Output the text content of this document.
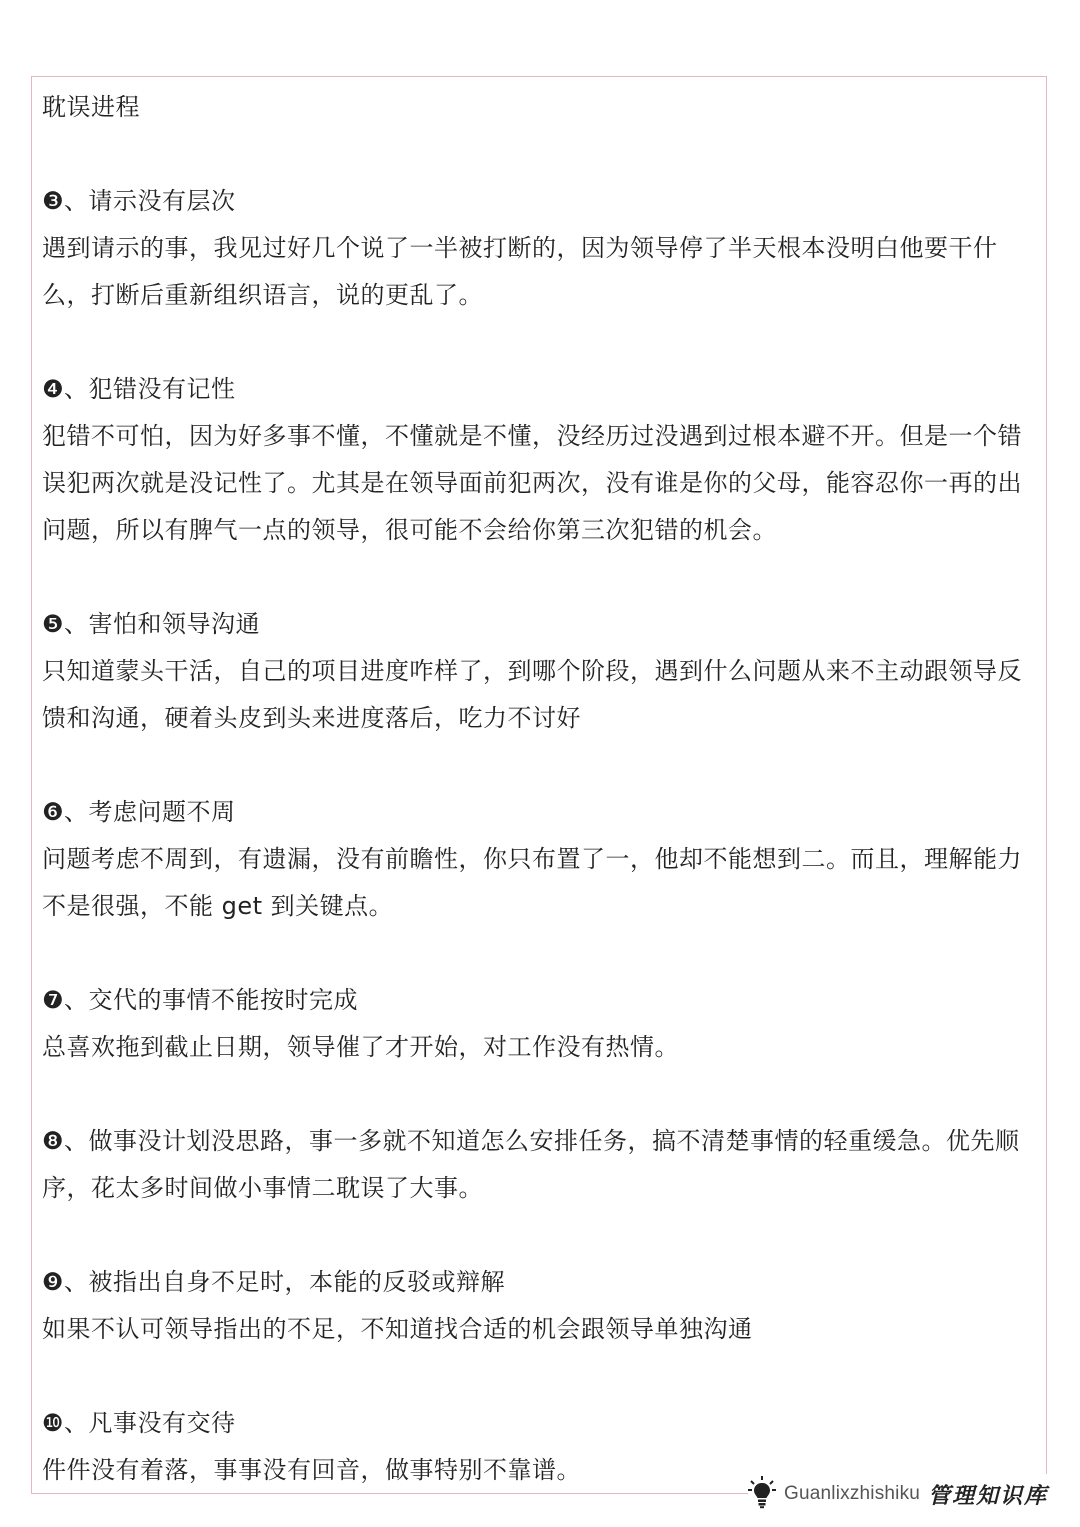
耽误进程
❸、请示没有层次
遇到请示的事，我见过好几个说了一半被打断的，因为领导停了半天根本没明白他要干什么，打断后重新组织语言，说的更乱了。
❹、犯错没有记性
犯错不可怕，因为好多事不懂，不懂就是不懂，没经历过没遇到过根本避不开。但是一个错误犯两次就是没记性了。尤其是在领导面前犯两次，没有谁是你的父母，能容忍你一再的出问题，所以有脾气一点的领导，很可能不会给你第三次犯错的机会。
❺、害怕和领导沟通
只知道蒙头干活，自己的项目进度咋样了，到哪个阶段，遇到什么问题从来不主动跟领导反馈和沟通，硬着头皮到头来进度落后，吃力不讨好
❻、考虑问题不周
问题考虑不周到，有遗漏，没有前瞻性，你只布置了一，他却不能想到二。而且，理解能力不是很强，不能 get 到关键点。
❼、交代的事情不能按时完成
总喜欢拖到截止日期，领导催了才开始，对工作没有热情。
❽、做事没计划没思路，事一多就不知道怎么安排任务，搞不清楚事情的轻重缓急。优先顺序，花太多时间做小事情二耽误了大事。
❾、被指出自身不足时，本能的反驳或辩解
如果不认可领导指出的不足，不知道找合适的机会跟领导单独沟通
❿、凡事没有交待
件件没有着落，事事没有回音，做事特别不靠谱。
Guanlixzhishiku 管理知识库
